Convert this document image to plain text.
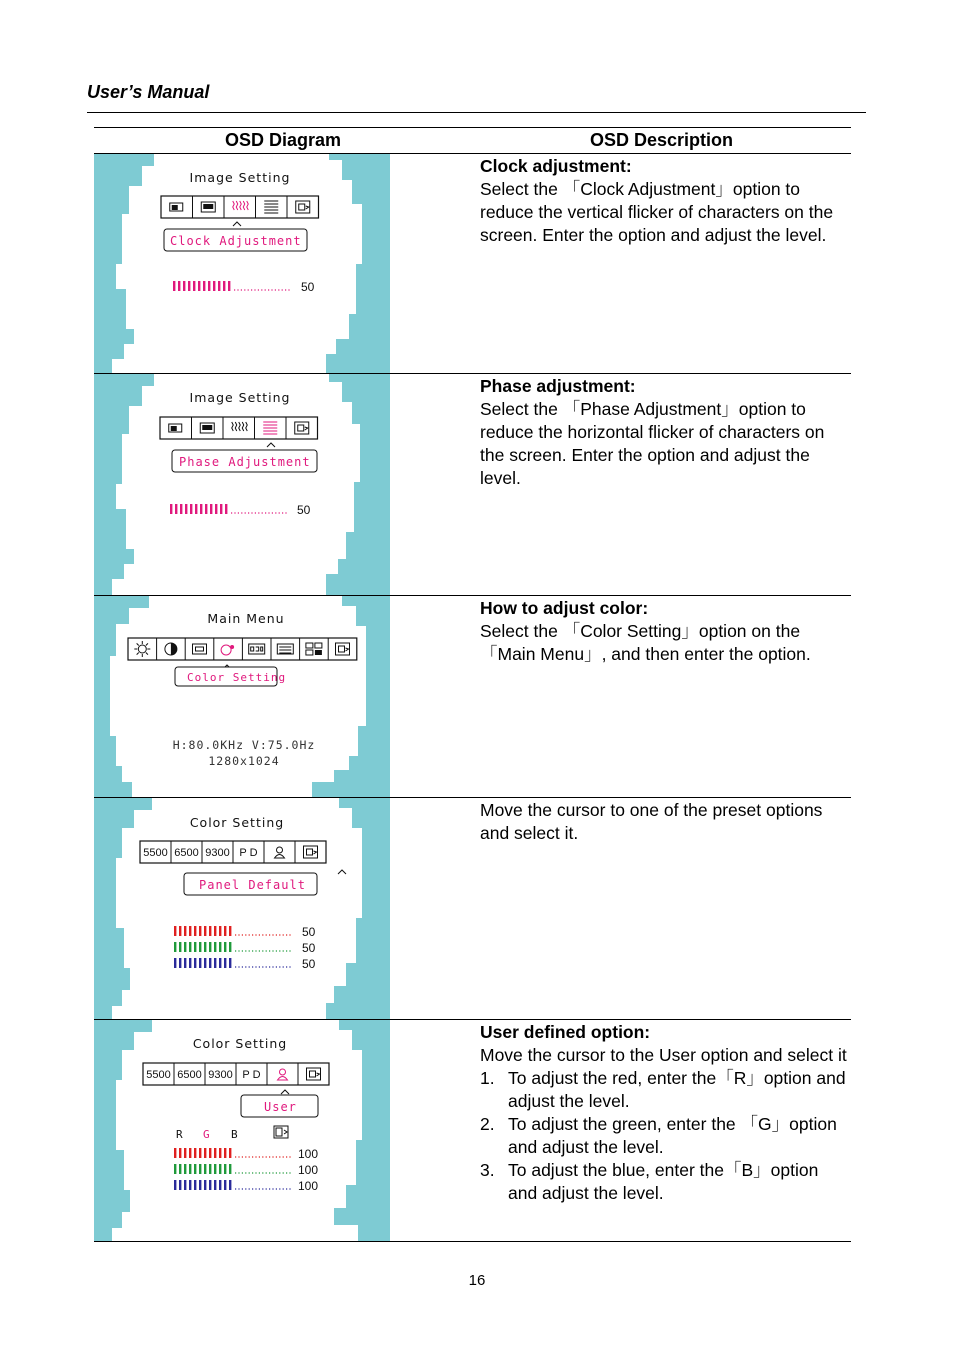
User’s Manual
OSD Diagram	OSD Description
Image Setting
Clock Adjustment
50

Clock adjustment:

Select the 「Clock Adjustment」option to reduce the vertical flicker of characters on the screen. Enter the option and adjust the level.

Image Setting
Phase Adjustment
50

Phase adjustment:

Select the 「Phase Adjustment」option to reduce the horizontal flicker of characters on the screen. Enter the option and adjust the level.

Main Menu
Color Setting
H:80.0KHz V:75.0Hz
1280x1024

How to adjust color:

Select the 「Color Setting」option on the 「Main Menu」, and then enter the option.

Color Setting
5500 6500 9300 P D
Panel Default
50
50
50

Move the cursor to one of the preset options and select it.

Color Setting
5500 6500 9300 P D
User
R G B
100
100
100

User defined option:

Move the cursor to the User option and select it

1. To adjust the red, enter the「R」option and adjust the level.
2. To adjust the green, enter the 「G」option and adjust the level.
3. To adjust the blue, enter the「B」option and adjust the level.
16
